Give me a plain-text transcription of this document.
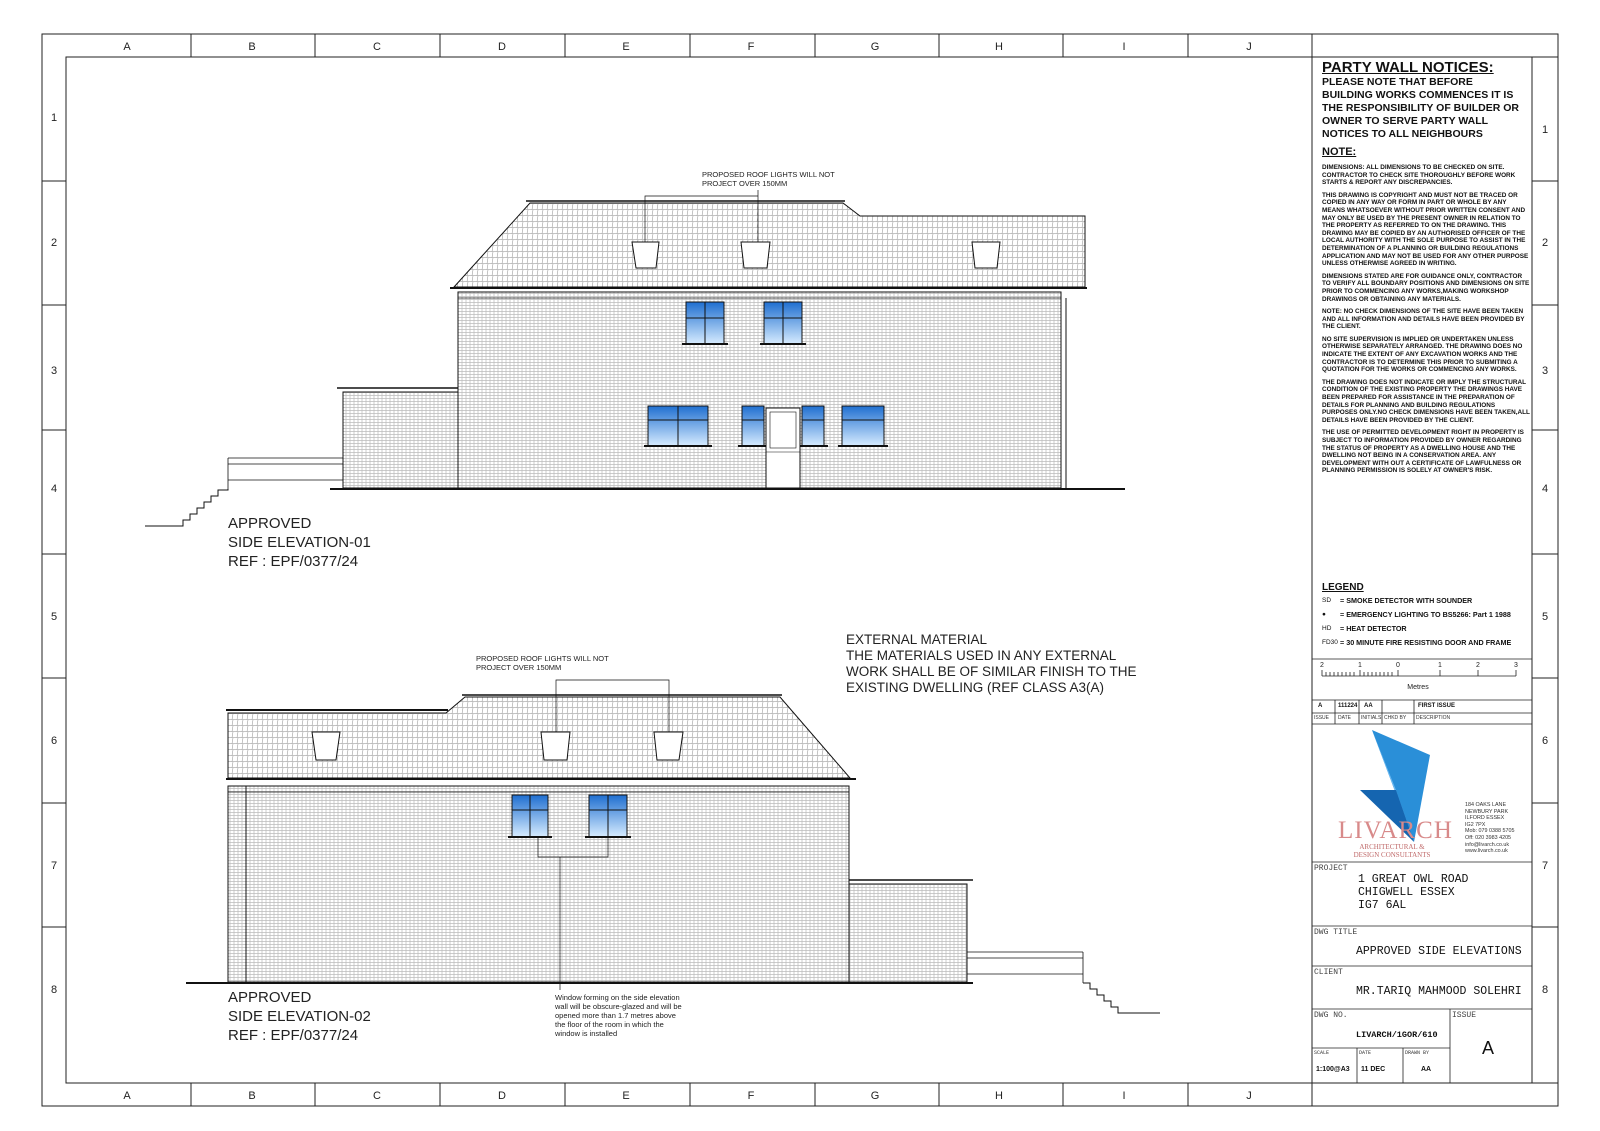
A	B	C	D	E	F	G	H	I	J
A	B	C	D	E	F	G	H	I	J
1
2
3
4
5
6
7
8
1
2
3
4
5
6
7
8
2	1	0	1	2	3
Metres
PROPOSED ROOF LIGHTS WILL NOT
PROJECT OVER 150MM
APPROVED
SIDE ELEVATION-01
REF : EPF/0377/24
PROPOSED ROOF LIGHTS WILL NOT
PROJECT OVER 150MM
EXTERNAL MATERIAL
THE MATERIALS USED IN ANY EXTERNAL
WORK SHALL BE OF SIMILAR FINISH TO THE
EXISTING DWELLING (REF CLASS A3(A)
APPROVED
SIDE ELEVATION-02
REF : EPF/0377/24
Window forming on the side elevation
wall will be obscure-glazed and will be
opened more than 1.7 metres above
the floor of the room in which the
window is installed
PARTY WALL NOTICES:
PLEASE NOTE THAT BEFORE
BUILDING WORKS COMMENCES IT IS
THE RESPONSIBILITY OF BUILDER OR
OWNER TO SERVE PARTY WALL
NOTICES TO ALL NEIGHBOURS
NOTE:

DIMENSIONS: ALL DIMENSIONS TO BE CHECKED ON SITE. CONTRACTOR TO CHECK SITE THOROUGHLY BEFORE WORK STARTS & REPORT ANY DISCREPANCIES.

THIS DRAWING IS COPYRIGHT AND MUST NOT BE TRACED OR COPIED IN ANY WAY OR FORM IN PART OR WHOLE BY ANY MEANS WHATSOEVER WITHOUT PRIOR WRITTEN CONSENT AND MAY ONLY BE USED BY THE PRESENT OWNER IN RELATION TO THE PROPERTY AS REFERRED TO ON THE DRAWING. THIS DRAWING MAY BE COPIED BY AN AUTHORISED OFFICER OF THE LOCAL AUTHORITY WITH THE SOLE PURPOSE TO ASSIST IN THE DETERMINATION OF A PLANNING OR BUILDING REGULATIONS APPLICATION AND MAY NOT BE USED FOR ANY OTHER PURPOSE UNLESS OTHERWISE AGREED IN WRITING.

DIMENSIONS STATED ARE FOR GUIDANCE ONLY, CONTRACTOR TO VERIFY ALL BOUNDARY POSITIONS AND DIMENSIONS ON SITE PRIOR TO COMMENCING ANY WORKS,MAKING WORKSHOP DRAWINGS OR OBTAINING ANY MATERIALS.

NOTE: NO CHECK DIMENSIONS OF THE SITE HAVE BEEN TAKEN AND ALL INFORMATION AND DETAILS HAVE BEEN PROVIDED BY THE CLIENT.

NO SITE SUPERVISION IS IMPLIED OR UNDERTAKEN UNLESS OTHERWISE SEPARATELY ARRANGED. THE DRAWING DOES NO INDICATE THE EXTENT OF ANY EXCAVATION WORKS AND THE CONTRACTOR IS TO DETERMINE THIS PRIOR TO SUBMITING A QUOTATION FOR THE WORKS OR COMMENCING ANY WORKS.

THE DRAWING DOES NOT INDICATE OR IMPLY THE STRUCTURAL CONDITION OF THE EXISTING PROPERTY THE DRAWINGS HAVE BEEN PREPARED FOR ASSISTANCE IN THE PREPARATION OF DETAILS FOR PLANNING AND BUILDING REGULATIONS PURPOSES ONLY.NO CHECK DIMENSIONS HAVE BEEN TAKEN,ALL DETAILS HAVE BEEN PROVIDED BY THE CLIENT.

THE USE OF PERMITTED DEVELOPMENT RIGHT IN PROPERTY IS SUBJECT TO INFORMATION PROVIDED BY OWNER REGARDING THE STATUS OF PROPERTY AS A DWELLING HOUSE AND THE DWELLING NOT BEING IN A CONSERVATION AREA. ANY DEVELOPMENT WITH OUT A CERTIFICATE OF LAWFULNESS OR PLANNING PERMISSION IS SOLELY AT OWNER'S RISK.

LEGEND
SD	= SMOKE DETECTOR WITH SOUNDER
●	= EMERGENCY LIGHTING TO BS5266: Part 1 1988
HD	= HEAT DETECTOR
FD30 = 30 MINUTE FIRE RESISTING DOOR AND FRAME
A	111224 AA	FIRST ISSUE
ISSUE DATE INITIALS CHKD BY DESCRIPTION
LIVARCH
ARCHITECTURAL &
DESIGN CONSULTANTS
184 OAKS LANE
NEWBURY PARK
ILFORD ESSEX
IG2 7PX
Mob: 079 0388 5705
Off: 020 3983 4205
info@livarch.co.uk
www.livarch.co.uk
PROJECT
1 GREAT OWL ROAD
CHIGWELL ESSEX
IG7 6AL
DWG TITLE
APPROVED SIDE ELEVATIONS
CLIENT
MR.TARIQ MAHMOOD SOLEHRI
DWG NO.
LIVARCH/1GOR/610
ISSUE
A
SCALE
1:100@A3
DATE
11 DEC
DRAWN BY
AA
